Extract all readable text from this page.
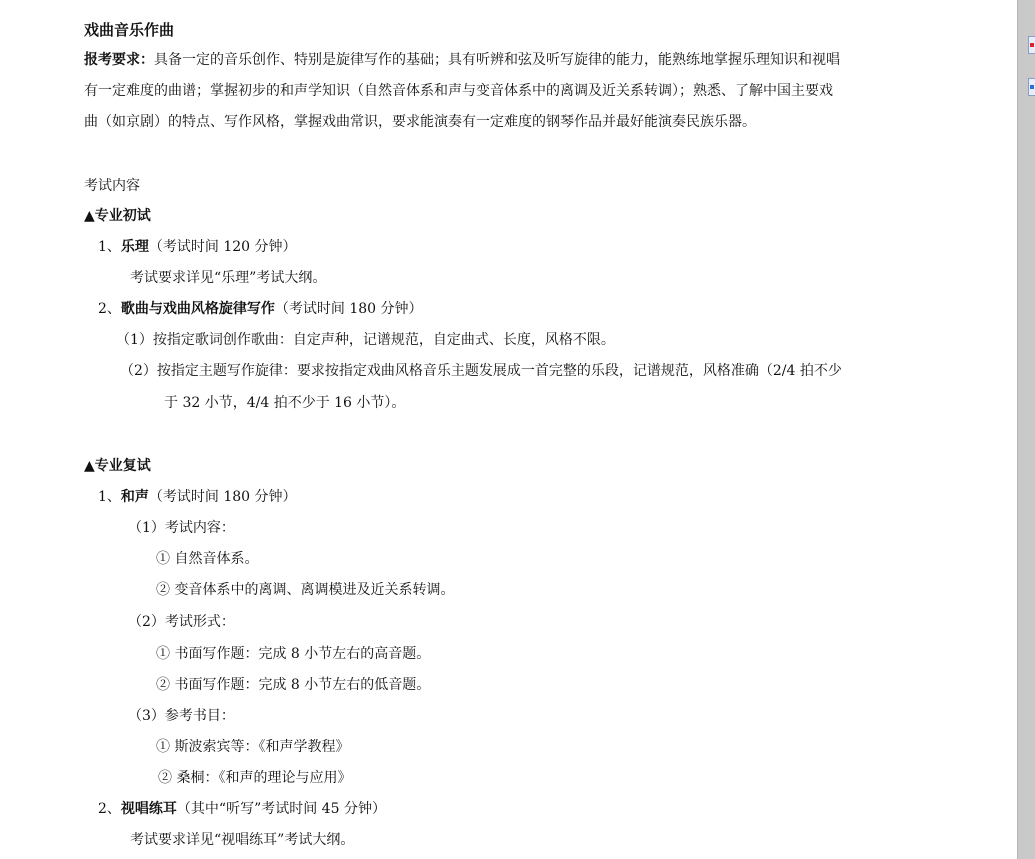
戏曲音乐作曲
报考要求：具备一定的音乐创作、特别是旋律写作的基础；具有听辨和弦及听写旋律的能力，能熟练地掌握乐理知识和视唱
有一定难度的曲谱；掌握初步的和声学知识（自然音体系和声与变音体系中的离调及近关系转调）；熟悉、了解中国主要戏
曲（如京剧）的特点、写作风格，掌握戏曲常识，要求能演奏有一定难度的钢琴作品并最好能演奏民族乐器。
考试内容
▲专业初试
1、乐理（考试时间 120 分钟）
考试要求详见“乐理”考试大纲。
2、歌曲与戏曲风格旋律写作（考试时间 180 分钟）
（1）按指定歌词创作歌曲：自定声种，记谱规范，自定曲式、长度，风格不限。
（2）按指定主题写作旋律：要求按指定戏曲风格音乐主题发展成一首完整的乐段，记谱规范，风格准确（2/4 拍不少
于 32 小节，4/4 拍不少于 16 小节）。
▲专业复试
1、和声（考试时间 180 分钟）
（1）考试内容：
① 自然音体系。
② 变音体系中的离调、离调模进及近关系转调。
（2）考试形式：
① 书面写作题：完成 8 小节左右的高音题。
② 书面写作题：完成 8 小节左右的低音题。
（3）参考书目：
① 斯波索宾等：《和声学教程》
② 桑桐：《和声的理论与应用》
2、视唱练耳（其中“听写”考试时间 45 分钟）
考试要求详见“视唱练耳”考试大纲。
